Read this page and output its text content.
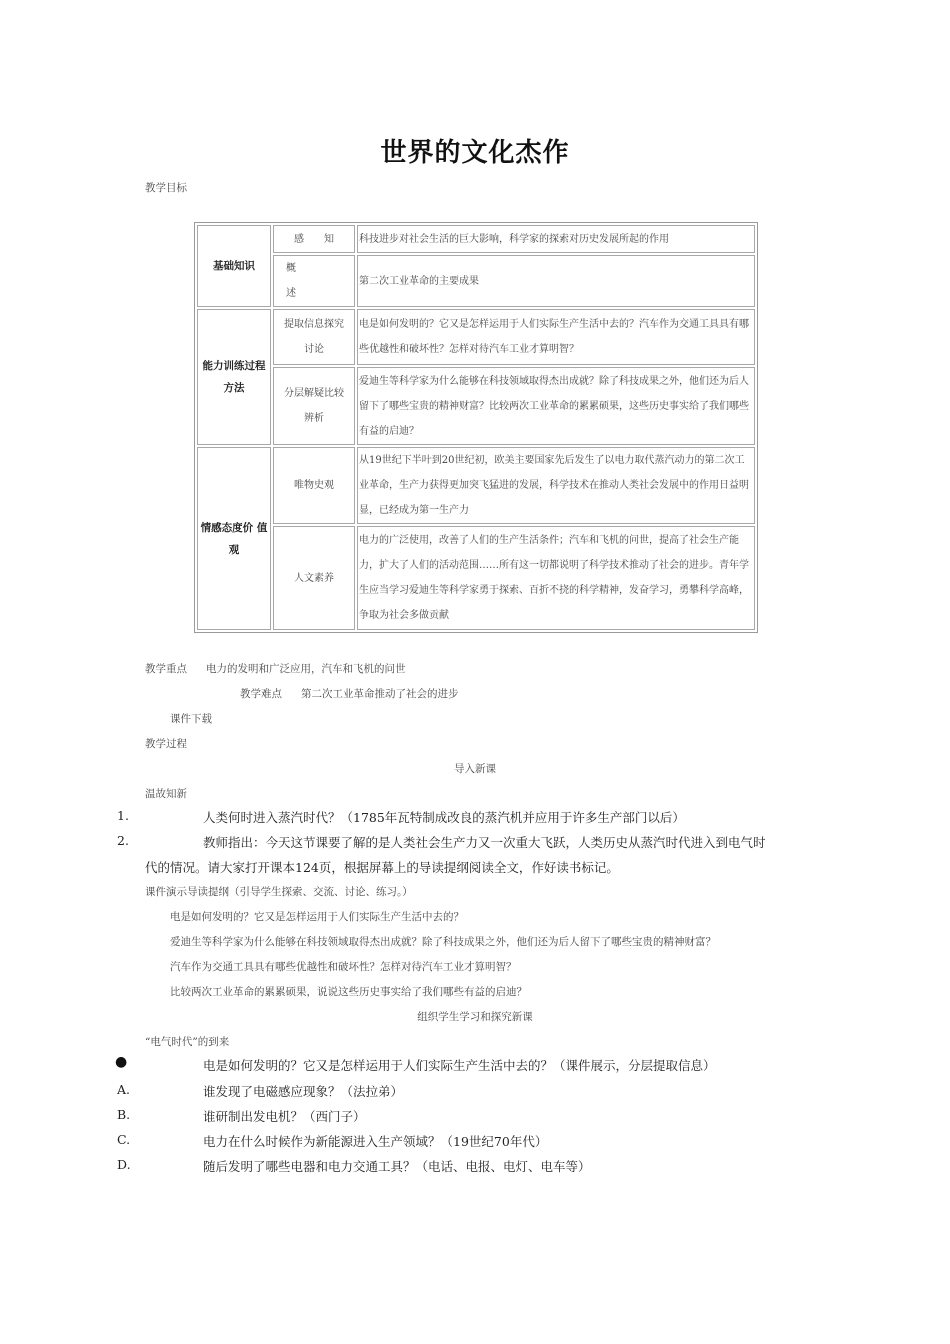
世界的文化杰作
教学目标
基础知识	感　　知	科技进步对社会生活的巨大影响，科学家的探索对历史发展所起的作用
	概　　述	第二次工业革命的主要成果
能力训练过程方法	提取信息探究讨论	电是如何发明的？它又是怎样运用于人们实际生产生活中去的？汽车作为交通工具具有哪些优越性和破坏性？怎样对待汽车工业才算明智？
	分层解疑比较辨析	爱迪生等科学家为什么能够在科技领域取得杰出成就？除了科技成果之外，他们还为后人留下了哪些宝贵的精神财富？比较两次工业革命的累累硕果，这些历史事实给了我们哪些有益的启迪？
情感态度价 值观	唯物史观	从19世纪下半叶到20世纪初，欧美主要国家先后发生了以电力取代蒸汽动力的第二次工业革命，生产力获得更加突飞猛进的发展，科学技术在推动人类社会发展中的作用日益明显，已经成为第一生产力
	人文素养	电力的广泛使用，改善了人们的生产生活条件；汽车和飞机的问世，提高了社会生产能力，扩大了人们的活动范围……所有这一切都说明了科学技术推动了社会的进步。青年学生应当学习爱迪生等科学家勇于探索、百折不挠的科学精神，发奋学习，勇攀科学高峰，争取为社会多做贡献
教学重点 电力的发明和广泛应用，汽车和飞机的问世
教学难点 第二次工业革命推动了社会的进步
课件下载
教学过程
导入新课
温故知新
1.	人类何时进入蒸汽时代？（1785年瓦特制成改良的蒸汽机并应用于许多生产部门以后）
2.	教师指出：今天这节课要了解的是人类社会生产力又一次重大飞跃，人类历史从蒸汽时代进入到电气时
代的情况。请大家打开课本124页，根据屏幕上的导读提纲阅读全文，作好读书标记。
课件演示导读提纲（引导学生探索、交流、讨论、练习。）
电是如何发明的？它又是怎样运用于人们实际生产生活中去的？
爱迪生等科学家为什么能够在科技领域取得杰出成就？除了科技成果之外，他们还为后人留下了哪些宝贵的精神财富？
汽车作为交通工具具有哪些优越性和破坏性？怎样对待汽车工业才算明智？
比较两次工业革命的累累硕果，说说这些历史事实给了我们哪些有益的启迪？
组织学生学习和探究新课
“电气时代”的到来
●	电是如何发明的？它又是怎样运用于人们实际生产生活中去的？（课件展示，分层提取信息）
A.	谁发现了电磁感应现象？（法拉弟）
B.	谁研制出发电机？（西门子）
C.	电力在什么时候作为新能源进入生产领域？（19世纪70年代）
D.	随后发明了哪些电器和电力交通工具？（电话、电报、电灯、电车等）
